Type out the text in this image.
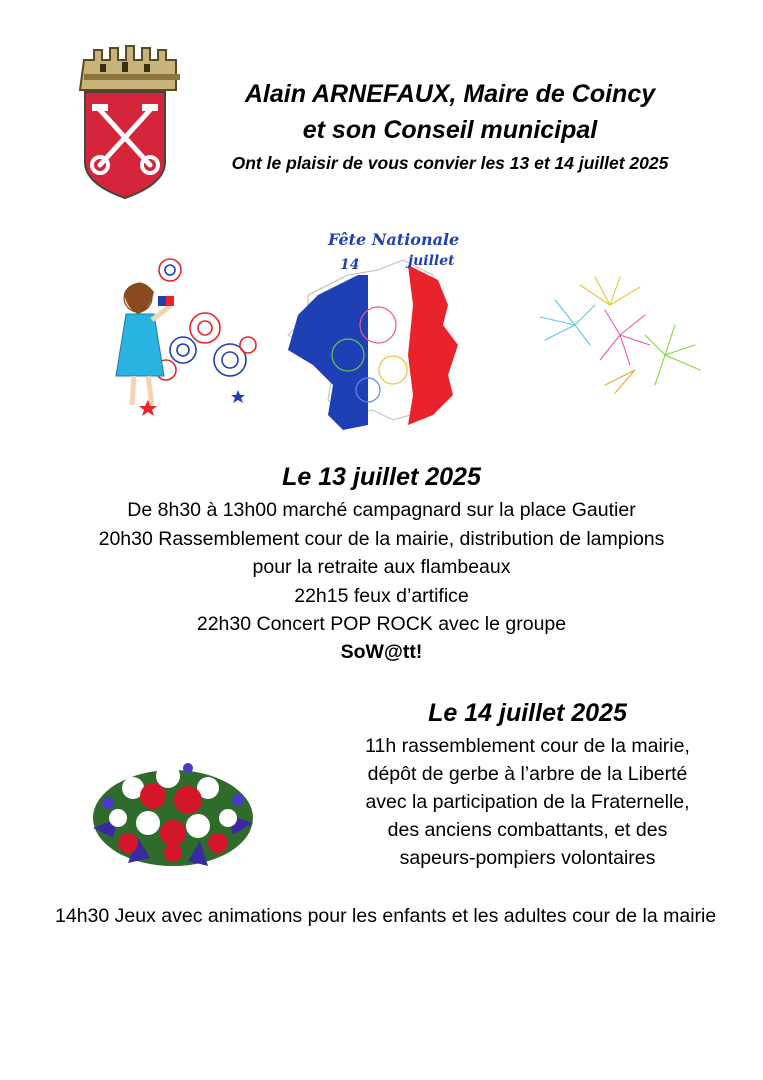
Alain ARNEFAUX, Maire de Coincy
et son Conseil municipal
Ont le plaisir de vous convier les 13 et 14 juillet 2025
Fête Nationale
14	juillet
Le 13 juillet 2025
De 8h30 à 13h00 marché campagnard sur la place Gautier
20h30 Rassemblement cour de la mairie, distribution de lampions
pour la retraite aux flambeaux
22h15 feux d’artifice
22h30 Concert POP ROCK avec le groupe
SoW@tt!
Le 14 juillet 2025
11h rassemblement cour de la mairie,
dépôt de gerbe à l’arbre de la Liberté
avec la participation de la Fraternelle,
des anciens combattants, et des
sapeurs-pompiers volontaires
14h30 Jeux avec animations pour les enfants et les adultes cour de la mairie
